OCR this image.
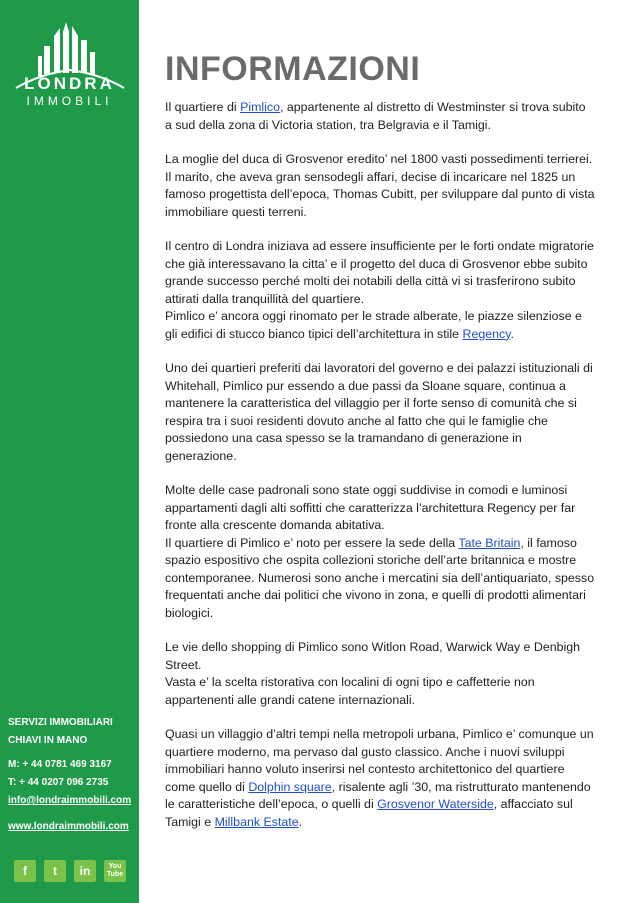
LONDRA
IMMOBILI
SERVIZI IMMOBILIARI
CHIAVI IN MANO
M: + 44 0781 469 3167
T: + 44 0207 096 2735
info@londraimmobili.com
www.londraimmobili.com
f	t	in	You Tube
INFORMAZIONI

Il quartiere di Pimlico, appartenente al distretto di Westminster si trova subito a sud della zona di Victoria station, tra Belgravia e il Tamigi.

La moglie del duca di Grosvenor eredito’ nel 1800 vasti possedimenti terrierei. Il marito, che aveva gran sensodegli affari, decise di incaricare nel 1825 un famoso progettista dell’epoca, Thomas Cubitt, per sviluppare dal punto di vista immobiliare questi terreni.

Il centro di Londra iniziava ad essere insufficiente per le forti ondate migratorie che già interessavano la citta’ e il progetto del duca di Grosvenor ebbe subito grande successo perché molti dei notabili della città vi si trasferirono subito attirati dalla tranquillità del quartiere.
Pimlico e’ ancora oggi rinomato per le strade alberate, le piazze silenziose e gli edifici di stucco bianco tipici dell’architettura in stile Regency.

Uno dei quartieri preferiti dai lavoratori del governo e dei palazzi istituzionali di Whitehall, Pimlico pur essendo a due passi da Sloane square, continua a mantenere la caratteristica del villaggio per il forte senso di comunità che si respira tra i suoi residenti dovuto anche al fatto che qui le famiglie che possiedono una casa spesso se la tramandano di generazione in generazione.

Molte delle case padronali sono state oggi suddivise in comodi e luminosi appartamenti dagli alti soffitti che caratterizza l’architettura Regency per far fronte alla crescente domanda abitativa.
Il quartiere di Pimlico e’ noto per essere la sede della Tate Britain, il famoso spazio espositivo che ospita collezioni storiche dell’arte britannica e mostre contemporanee. Numerosi sono anche i mercatini sia dell’antiquariato, spesso frequentati anche dai politici che vivono in zona, e quelli di prodotti alimentari biologici.

Le vie dello shopping di Pimlico sono Witlon Road, Warwick Way e Denbigh Street.
Vasta e’ la scelta ristorativa con localini di ogni tipo e caffetterie non appartenenti alle grandi catene internazionali.

Quasi un villaggio d’altri tempi nella metropoli urbana, Pimlico e’ comunque un quartiere moderno, ma pervaso dal gusto classico. Anche i nuovi sviluppi immobiliari hanno voluto inserirsi nel contesto architettonico del quartiere come quello di Dolphin square, risalente agli ’30, ma ristrutturato mantenendo le caratteristiche dell’epoca, o quelli di Grosvenor Waterside, affacciato sul Tamigi e Millbank Estate.
